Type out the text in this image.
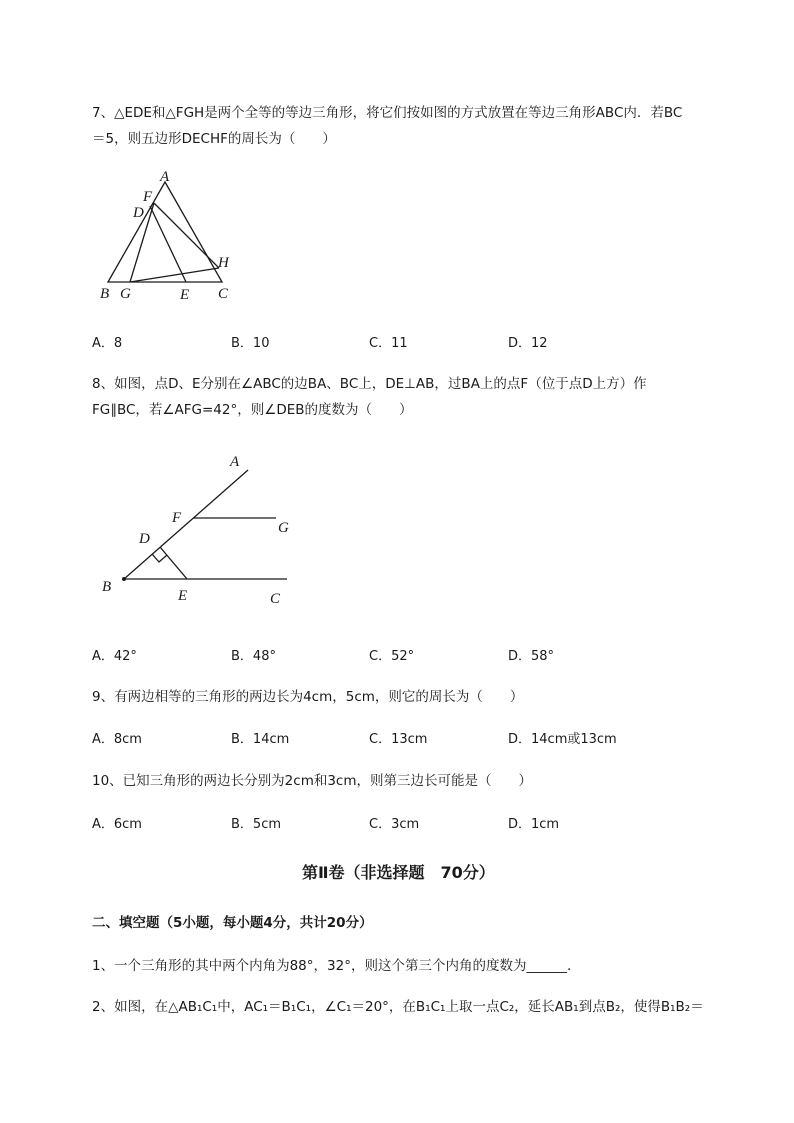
7、△EDE和△FGH是两个全等的等边三角形，将它们按如图的方式放置在等边三角形ABC内．若BC
＝5，则五边形DECHF的周长为（　　）
A
F
D
H
B G	E C
A．8	B．10	C．11	D．12
8、如图，点D、E分别在∠ABC的边BA、BC上，DE⊥AB，过BA上的点F（位于点D上方）作
FG∥BC，若∠AFG=42°，则∠DEB的度数为（　　）
A
F
G
D
B
E	C
A．42°	B．48°	C．52°	D．58°
9、有两边相等的三角形的两边长为4cm，5cm，则它的周长为（　　）
A．8cm	B．14cm	C．13cm	D．14cm或13cm
10、已知三角形的两边长分别为2cm和3cm，则第三边长可能是（　　）
A．6cm	B．5cm	C．3cm	D．1cm
第Ⅱ卷（非选择题　70分）
二、填空题（5小题，每小题4分，共计20分）
1、一个三角形的其中两个内角为88°，32°，则这个第三个内角的度数为______.
2、如图，在△AB₁C₁中，AC₁＝B₁C₁，∠C₁＝20°，在B₁C₁上取一点C₂，延长AB₁到点B₂，使得B₁B₂＝
